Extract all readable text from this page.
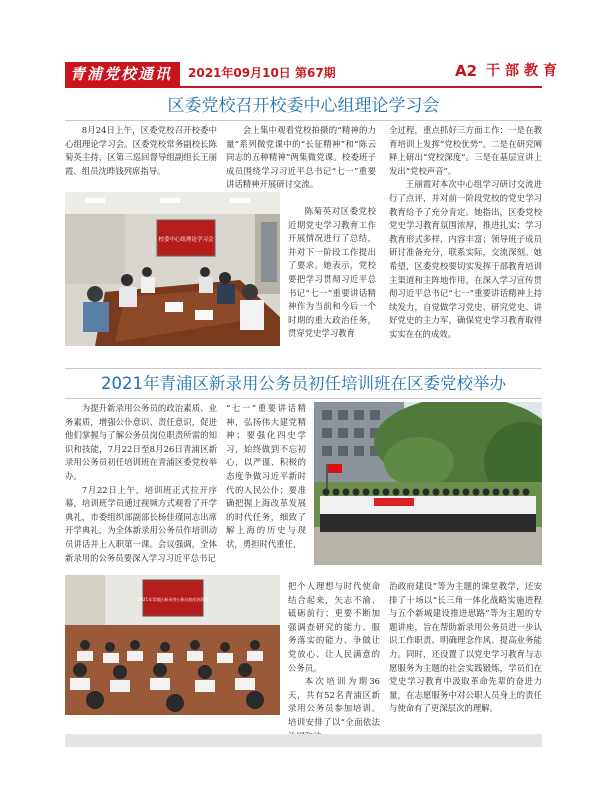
青浦党校通讯 2021年09月10日 第67期	A2 干部教育
区委党校召开校委中心组理论学习会

8月24日上午，区委党校召开校委中心组理论学习会。区委党校常务副校长陈菊英主持，区第三巡回督导组副组长王丽霞、组员沈晔钱列席指导。

会上集中观看党校拍摄的“精神的力量”系列微党课中的“长征精神”和“陈云同志的五种精神”两集微党课。校委班子成员围绕学习习近平总书记“七一”重要讲话精神开展研讨交流。

陈菊英对区委党校近期党史学习教育工作开展情况进行了总结，并对下一阶段工作提出了要求。她表示，党校要把学习贯彻习近平总书记“七一”重要讲话精神作为当前和今后一个时期的重大政治任务，贯穿党史学习教育

全过程，重点抓好三方面工作：一是在教育培训上发挥“党校优势”。二是在研究阐释上研出“党校深度”。三是在基层宣讲上发出“党校声音”。

王丽霞对本次中心组学习研讨交流进行了点评，并对前一阶段党校的党史学习教育给予了充分肯定。她指出，区委党校党史学习教育氛围浓厚，推进扎实；学习教育形式多样，内容丰富；领导班子成员研讨准备充分，联系实际，交流深刻。她希望，区委党校要切实发挥干部教育培训主渠道和主阵地作用，在深入学习宣传贯彻习近平总书记“七一”重要讲话精神上持续发力，自觉做学习党史、研究党史、讲好党史的主力军，确保党史学习教育取得实实在在的成效。

校委中心组理论学习会
2021年青浦区新录用公务员初任培训班在区委党校举办

为提升新录用公务员的政治素质、业务素质，增强公仆意识、责任意识，促进他们掌握与了解公务员岗位职责所需的知识和技能，7月22日至8月26日青浦区新录用公务员初任培训班在青浦区委党校举办。

7月22日上午，培训班正式拉开序幕，培训班学员通过视频方式观看了开学典礼，市委组织部副部长杨佳瑾同志出席开学典礼，为全体新录用公务员作培训动员讲话并上入职第一课。会议强调，全体新录用的公务员要深入学习习近平总书记

“七一”重要讲话精神，弘扬伟大建党精神；要强化四史学习，始终做到不忘初心，以严谨、积极的态度争做习近平新时代的人民公仆；要准确把握上海改革发展的时代任务，细致了解上海的历史与现状，勇担时代重任，

把个人理想与时代使命结合起来，矢志不渝、砥砺前行；更要不断加强调查研究的能力、服务落实的能力、争做让党放心、让人民满意的公务员。

本次培训为期36天，共有52名青浦区新录用公务员参加培训。培训安排了以“全面依法

治政府建设”等为主题的课堂教学，还安排了十场以“长三角一体化战略实施进程与五个新城建设推进思路”等为主题的专题讲座，旨在帮助新录用公务员进一步认识工作职责、明确理念作风、提高业务能力。同时，还设置了以党史学习教育与志愿服务为主题的社会实践锻炼，学员们在党史学习教育中汲取革命先辈的奋进力量，在志愿服务中对公职人员身上的责任与使命有了更深层次的理解。

2021年青浦区新录用公务员初任培训班
